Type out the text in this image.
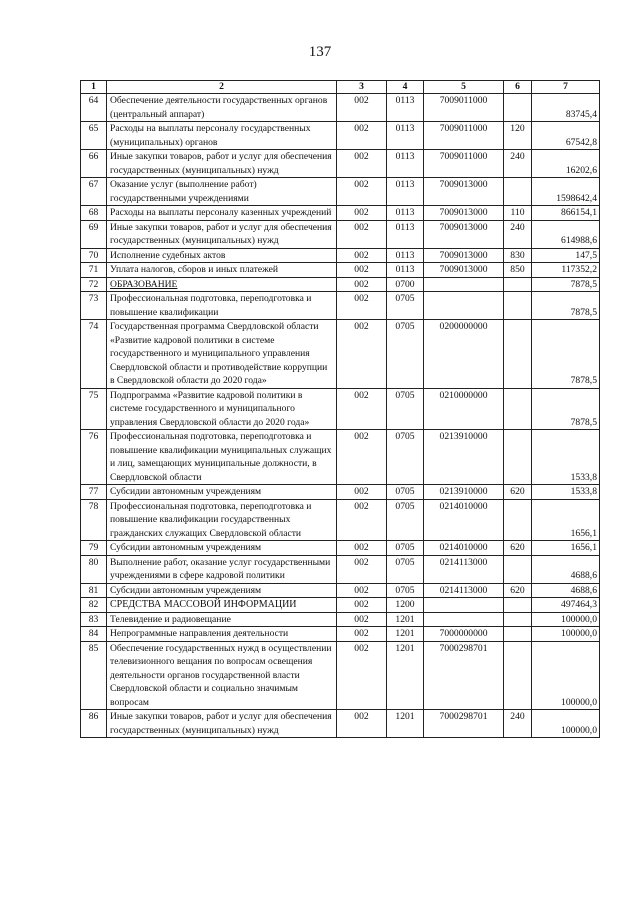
137
1	2	3	4	5	6	7
64	Обеспечение деятельности государственных органов (центральный аппарат)	002	0113	7009011000		83745,4
65	Расходы на выплаты персоналу государственных (муниципальных) органов	002	0113	7009011000	120	67542,8
66	Иные закупки товаров, работ и услуг для обеспечения государственных (муниципальных) нужд	002	0113	7009011000	240	16202,6
67	Оказание услуг (выполнение работ) государственными учреждениями	002	0113	7009013000		1598642,4
68	Расходы на выплаты персоналу казенных учреждений	002	0113	7009013000	110	866154,1
69	Иные закупки товаров, работ и услуг для обеспечения государственных (муниципальных) нужд	002	0113	7009013000	240	614988,6
70	Исполнение судебных актов	002	0113	7009013000	830	147,5
71	Уплата налогов, сборов и иных платежей	002	0113	7009013000	850	117352,2
72	ОБРАЗОВАНИЕ	002	0700			7878,5
73	Профессиональная подготовка, переподготовка и повышение квалификации	002	0705			7878,5
74	Государственная программа Свердловской области «Развитие кадровой политики в системе государственного и муниципального управления Свердловской области и противодействие коррупции в Свердловской области до 2020 года»	002	0705	0200000000		7878,5
75	Подпрограмма «Развитие кадровой политики в системе государственного и муниципального управления Свердловской области до 2020 года»	002	0705	0210000000		7878,5
76	Профессиональная подготовка, переподготовка и повышение квалификации муниципальных служащих и лиц, замещающих муниципальные должности, в Свердловской области	002	0705	0213910000		1533,8
77	Субсидии автономным учреждениям	002	0705	0213910000	620	1533,8
78	Профессиональная подготовка, переподготовка и повышение квалификации государственных гражданских служащих Свердловской области	002	0705	0214010000		1656,1
79	Субсидии автономным учреждениям	002	0705	0214010000	620	1656,1
80	Выполнение работ, оказание услуг государственными учреждениями в сфере кадровой политики	002	0705	0214113000		4688,6
81	Субсидии автономным учреждениям	002	0705	0214113000	620	4688,6
82	СРЕДСТВА МАССОВОЙ ИНФОРМАЦИИ	002	1200			497464,3
83	Телевидение и радиовещание	002	1201			100000,0
84	Непрограммные направления деятельности	002	1201	7000000000		100000,0
85	Обеспечение государственных нужд в осуществлении телевизионного вещания по вопросам освещения деятельности органов государственной власти Свердловской области и социально значимым вопросам	002	1201	7000298701		100000,0
86	Иные закупки товаров, работ и услуг для обеспечения государственных (муниципальных) нужд	002	1201	7000298701	240	100000,0
